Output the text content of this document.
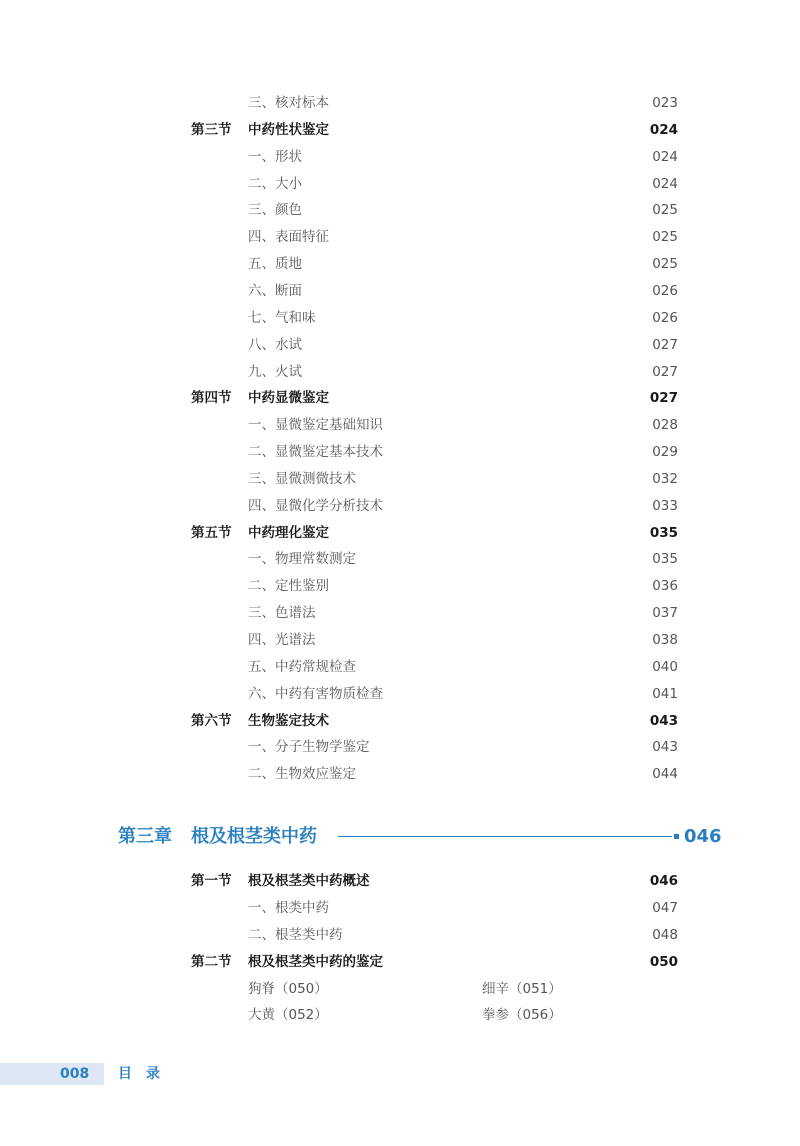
三、核对标本	023
第三节 中药性状鉴定	024
一、形状	024
二、大小	024
三、颜色	025
四、表面特征	025
五、质地	025
六、断面	026
七、气和味	026
八、水试	027
九、火试	027
第四节 中药显微鉴定	027
一、显微鉴定基础知识	028
二、显微鉴定基本技术	029
三、显微测微技术	032
四、显微化学分析技术	033
第五节 中药理化鉴定	035
一、物理常数测定	035
二、定性鉴别	036
三、色谱法	037
四、光谱法	038
五、中药常规检查	040
六、中药有害物质检查	041
第六节 生物鉴定技术	043
一、分子生物学鉴定	043
二、生物效应鉴定	044
第三章 根及根茎类中药	046
第一节 根及根茎类中药概述	046
一、根类中药	047
二、根茎类中药	048
第二节 根及根茎类中药的鉴定	050
狗脊（050）	细辛（051）
大黄（052）	拳参（056）
008 目录
